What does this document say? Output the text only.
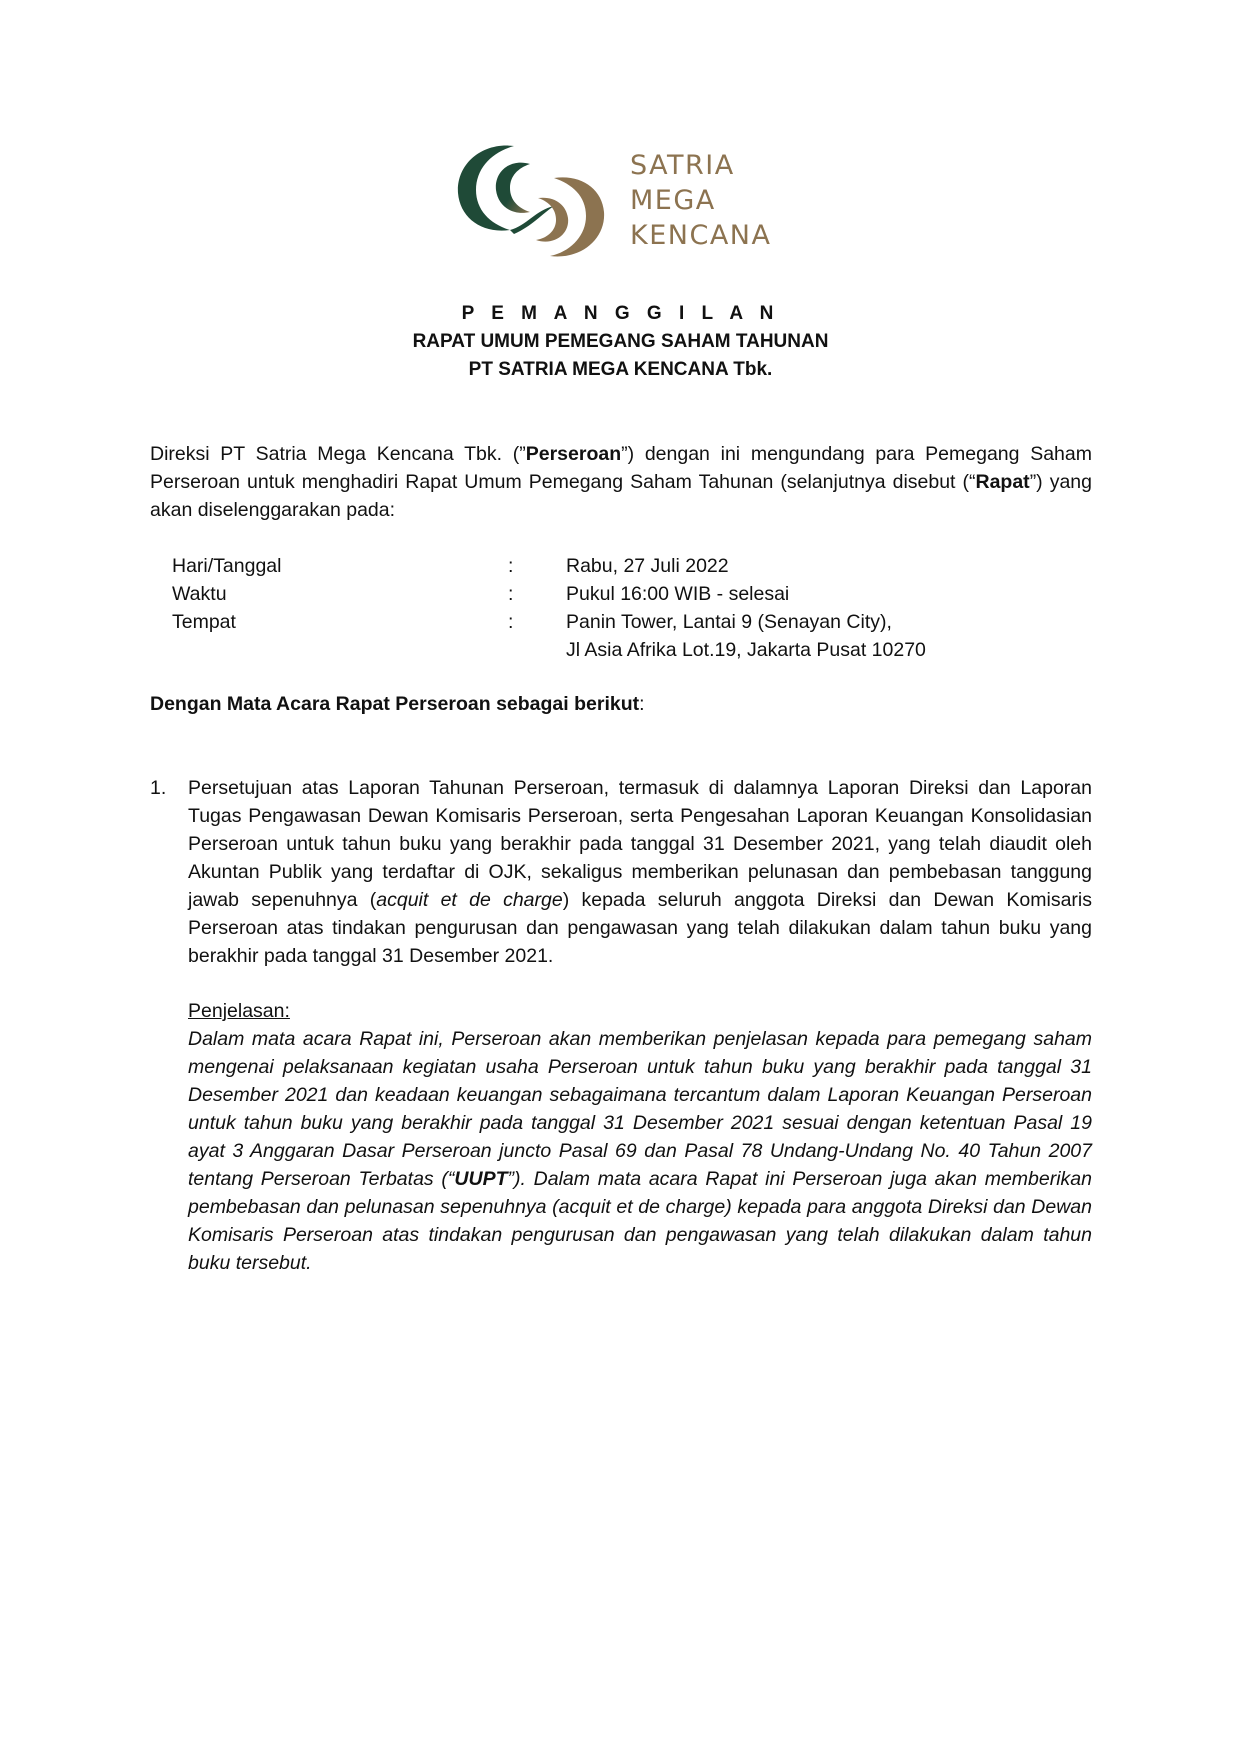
SATRIA
MEGA
KENCANA
P E M A N G G I L A N
RAPAT UMUM PEMEGANG SAHAM TAHUNAN
PT SATRIA MEGA KENCANA Tbk.
Direksi PT Satria Mega Kencana Tbk. (”Perseroan”) dengan ini mengundang para Pemegang Saham Perseroan untuk menghadiri Rapat Umum Pemegang Saham Tahunan (selanjutnya disebut (“Rapat”) yang akan diselenggarakan pada:
Hari/Tanggal	:	Rabu, 27 Juli 2022
Waktu	:	Pukul 16:00 WIB - selesai
Tempat	:	Panin Tower, Lantai 9 (Senayan City),
Jl Asia Afrika Lot.19, Jakarta Pusat 10270
Dengan Mata Acara Rapat Perseroan sebagai berikut:
1. Persetujuan atas Laporan Tahunan Perseroan, termasuk di dalamnya Laporan Direksi dan Laporan Tugas Pengawasan Dewan Komisaris Perseroan, serta Pengesahan Laporan Keuangan Konsolidasian Perseroan untuk tahun buku yang berakhir pada tanggal 31 Desember 2021, yang telah diaudit oleh Akuntan Publik yang terdaftar di OJK, sekaligus memberikan pelunasan dan pembebasan tanggung jawab sepenuhnya (acquit et de charge) kepada seluruh anggota Direksi dan Dewan Komisaris Perseroan atas tindakan pengurusan dan pengawasan yang telah dilakukan dalam tahun buku yang berakhir pada tanggal 31 Desember 2021.
Penjelasan:
Dalam mata acara Rapat ini, Perseroan akan memberikan penjelasan kepada para pemegang saham mengenai pelaksanaan kegiatan usaha Perseroan untuk tahun buku yang berakhir pada tanggal 31 Desember 2021 dan keadaan keuangan sebagaimana tercantum dalam Laporan Keuangan Perseroan untuk tahun buku yang berakhir pada tanggal 31 Desember 2021 sesuai dengan ketentuan Pasal 19 ayat 3 Anggaran Dasar Perseroan juncto Pasal 69 dan Pasal 78 Undang-Undang No. 40 Tahun 2007 tentang Perseroan Terbatas (“UUPT”). Dalam mata acara Rapat ini Perseroan juga akan memberikan pembebasan dan pelunasan sepenuhnya (acquit et de charge) kepada para anggota Direksi dan Dewan Komisaris Perseroan atas tindakan pengurusan dan pengawasan yang telah dilakukan dalam tahun buku tersebut.
